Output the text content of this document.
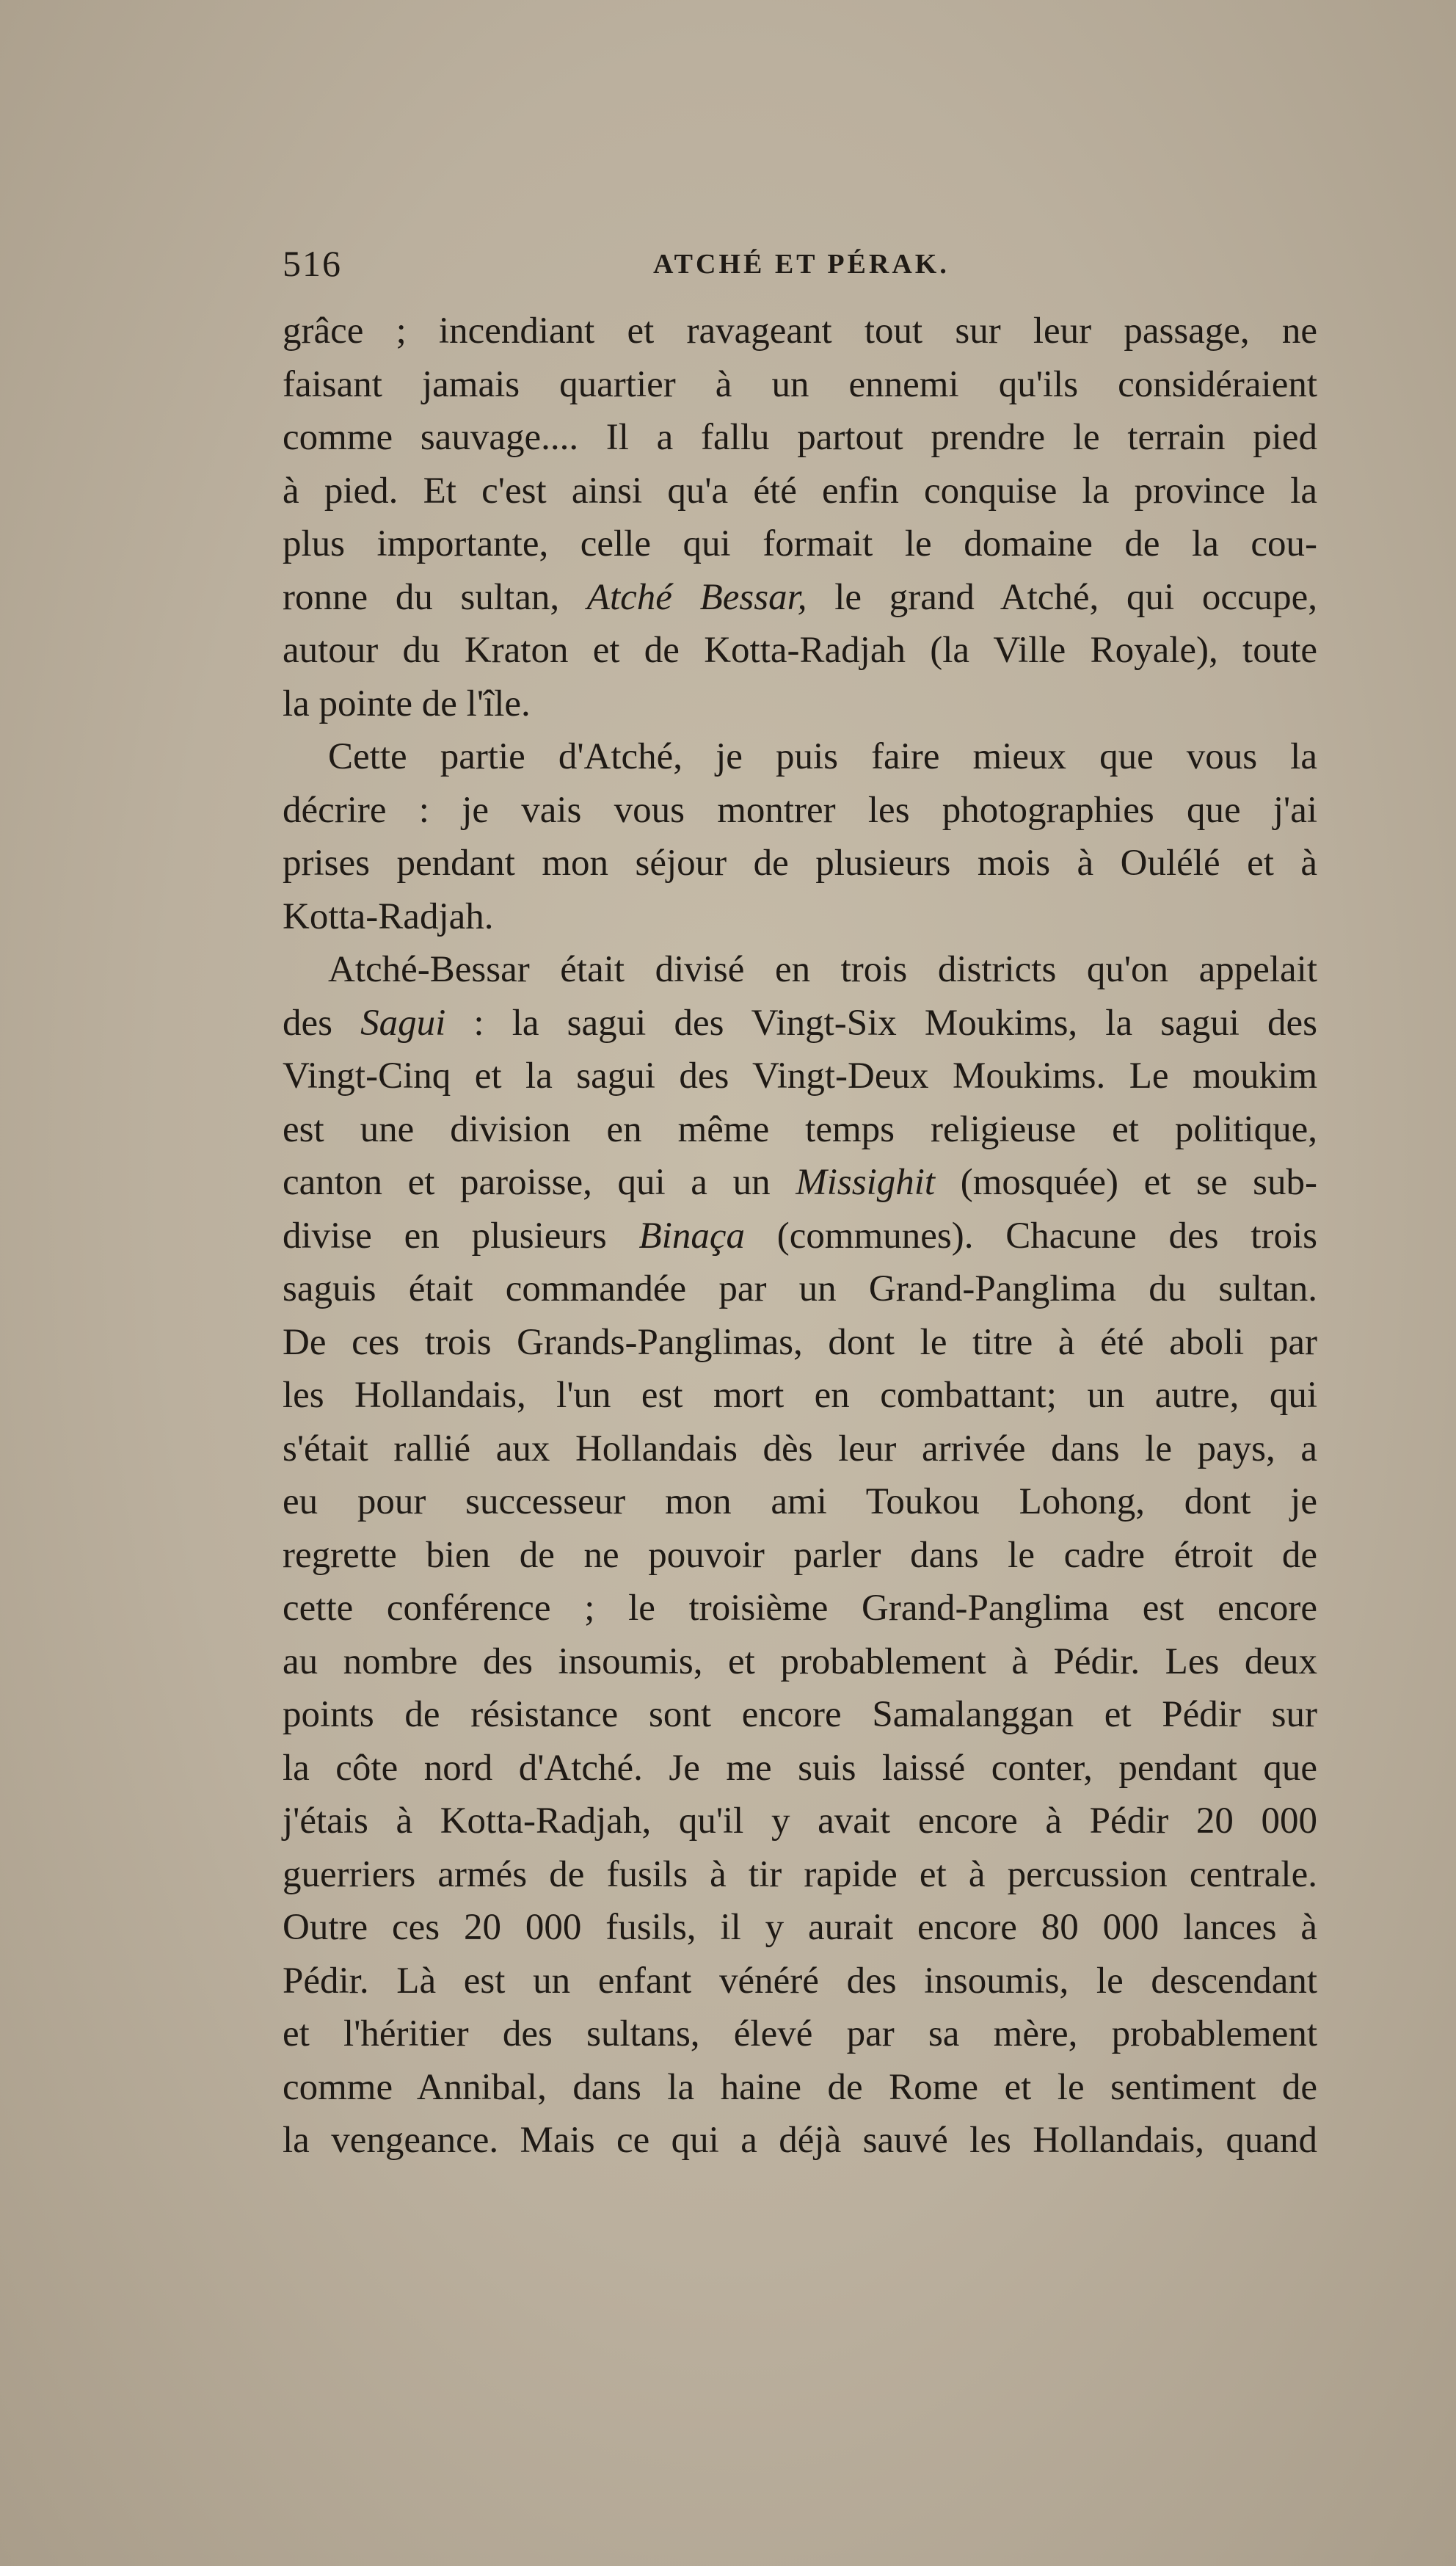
516	ATCHÉ ET PÉRAK.
grâce ; incendiant et ravageant tout sur leur passage, ne
faisant jamais quartier à un ennemi qu'ils considéraient
comme sauvage.... Il a fallu partout prendre le terrain pied
à pied. Et c'est ainsi qu'a été enfin conquise la province la
plus importante, celle qui formait le domaine de la cou-
ronne du sultan, Atché Bessar, le grand Atché, qui occupe,
autour du Kraton et de Kotta-Radjah (la Ville Royale), toute
la pointe de l'île.
Cette partie d'Atché, je puis faire mieux que vous la
décrire : je vais vous montrer les photographies que j'ai
prises pendant mon séjour de plusieurs mois à Oulélé et à
Kotta-Radjah.
Atché-Bessar était divisé en trois districts qu'on appelait
des Sagui : la sagui des Vingt-Six Moukims, la sagui des
Vingt-Cinq et la sagui des Vingt-Deux Moukims. Le moukim
est une division en même temps religieuse et politique,
canton et paroisse, qui a un Missighit (mosquée) et se sub-
divise en plusieurs Binaça (communes). Chacune des trois
saguis était commandée par un Grand-Panglima du sultan.
De ces trois Grands-Panglimas, dont le titre à été aboli par
les Hollandais, l'un est mort en combattant; un autre, qui
s'était rallié aux Hollandais dès leur arrivée dans le pays, a
eu pour successeur mon ami Toukou Lohong, dont je
regrette bien de ne pouvoir parler dans le cadre étroit de
cette conférence ; le troisième Grand-Panglima est encore
au nombre des insoumis, et probablement à Pédir. Les deux
points de résistance sont encore Samalanggan et Pédir sur
la côte nord d'Atché. Je me suis laissé conter, pendant que
j'étais à Kotta-Radjah, qu'il y avait encore à Pédir 20 000
guerriers armés de fusils à tir rapide et à percussion centrale.
Outre ces 20 000 fusils, il y aurait encore 80 000 lances à
Pédir. Là est un enfant vénéré des insoumis, le descendant
et l'héritier des sultans, élevé par sa mère, probablement
comme Annibal, dans la haine de Rome et le sentiment de
la vengeance. Mais ce qui a déjà sauvé les Hollandais, quand
